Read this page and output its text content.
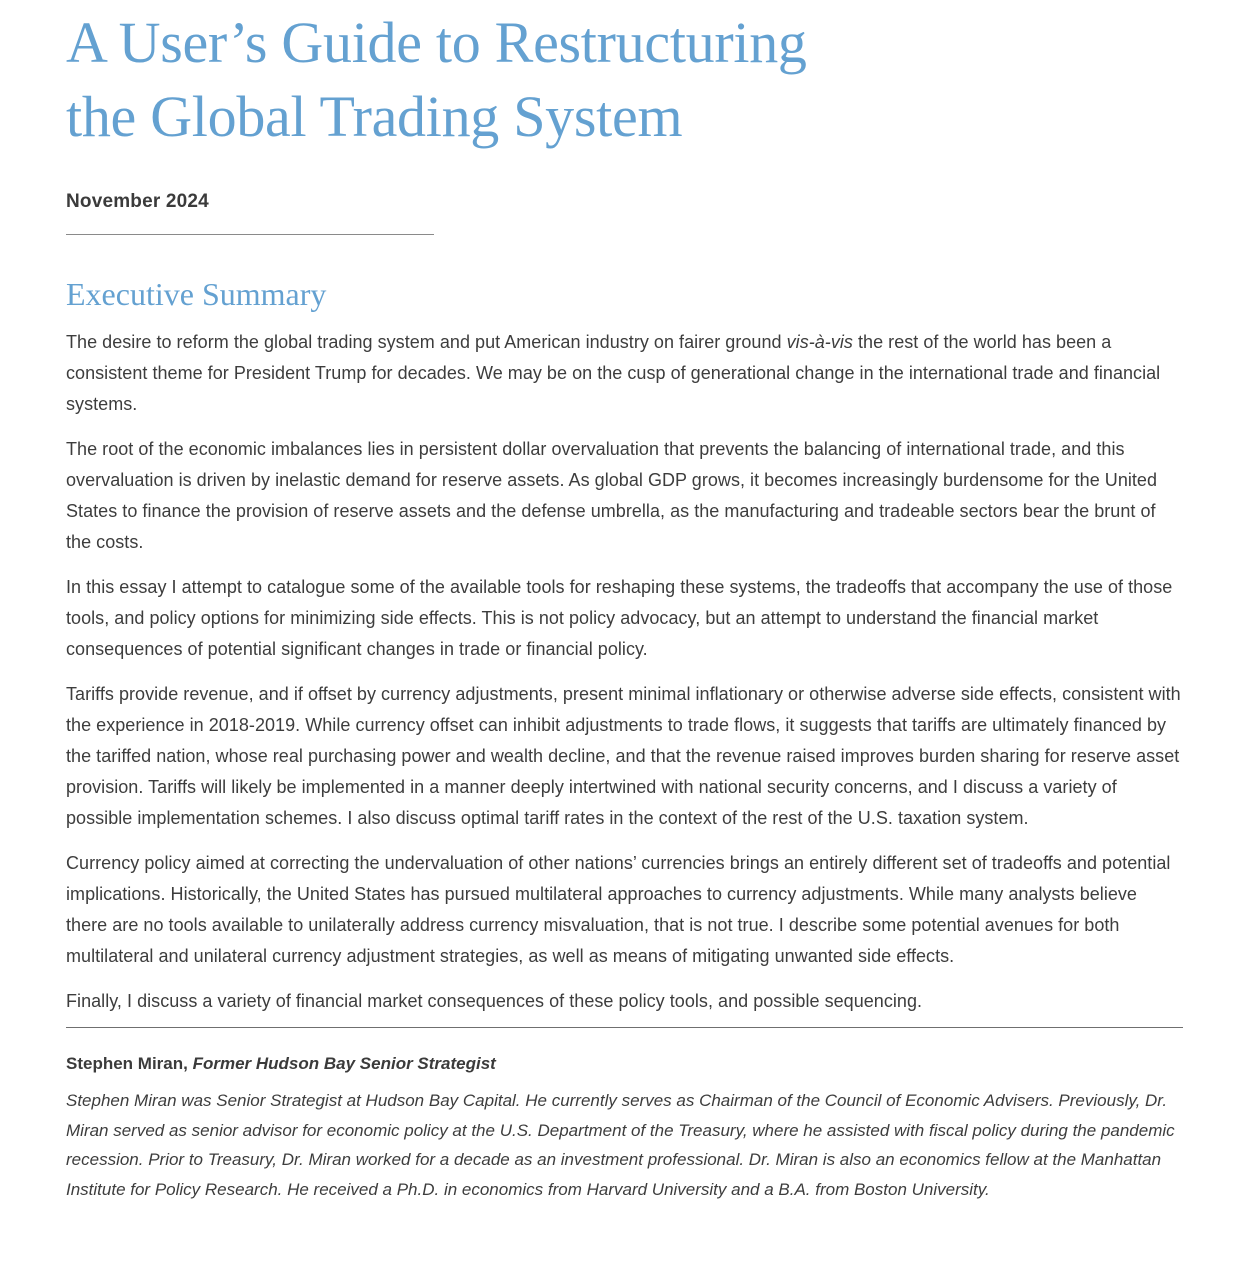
A User’s Guide to Restructuring
the Global Trading System
November 2024
Executive Summary

The desire to reform the global trading system and put American industry on fairer ground vis-à-vis the rest of the world has been a consistent theme for President Trump for decades. We may be on the cusp of generational change in the international trade and financial systems.

The root of the economic imbalances lies in persistent dollar overvaluation that prevents the balancing of international trade, and this overvaluation is driven by inelastic demand for reserve assets. As global GDP grows, it becomes increasingly burdensome for the United States to finance the provision of reserve assets and the defense umbrella, as the manufacturing and tradeable sectors bear the brunt of the costs.

In this essay I attempt to catalogue some of the available tools for reshaping these systems, the tradeoffs that accompany the use of those tools, and policy options for minimizing side effects. This is not policy advocacy, but an attempt to understand the financial market consequences of potential significant changes in trade or financial policy.

Tariffs provide revenue, and if offset by currency adjustments, present minimal inflationary or otherwise adverse side effects, consistent with the experience in 2018-2019. While currency offset can inhibit adjustments to trade flows, it suggests that tariffs are ultimately financed by the tariffed nation, whose real purchasing power and wealth decline, and that the revenue raised improves burden sharing for reserve asset provision. Tariffs will likely be implemented in a manner deeply intertwined with national security concerns, and I discuss a variety of possible implementation schemes. I also discuss optimal tariff rates in the context of the rest of the U.S. taxation system.

Currency policy aimed at correcting the undervaluation of other nations’ currencies brings an entirely different set of tradeoffs and potential implications. Historically, the United States has pursued multilateral approaches to currency adjustments. While many analysts believe there are no tools available to unilaterally address currency misvaluation, that is not true. I describe some potential avenues for both multilateral and unilateral currency adjustment strategies, as well as means of mitigating unwanted side effects.

Finally, I discuss a variety of financial market consequences of these policy tools, and possible sequencing.

Stephen Miran, Former Hudson Bay Senior Strategist
Stephen Miran was Senior Strategist at Hudson Bay Capital. He currently serves as Chairman of the Council of Economic Advisers. Previously, Dr. Miran served as senior advisor for economic policy at the U.S. Department of the Treasury, where he assisted with fiscal policy during the pandemic recession. Prior to Treasury, Dr. Miran worked for a decade as an investment professional. Dr. Miran is also an economics fellow at the Manhattan Institute for Policy Research. He received a Ph.D. in economics from Harvard University and a B.A. from Boston University.
